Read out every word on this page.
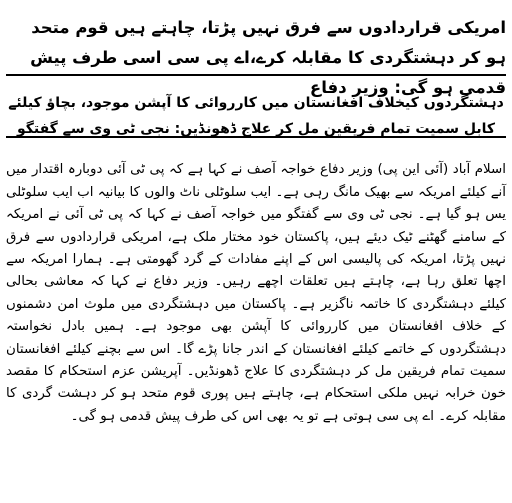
امریکی قراردادوں سے فرق نہیں پڑتا، چاہتے ہیں قوم متحد ہو کر دہشتگردی کا مقابلہ کرے،اے پی سی اسی طرف پیش قدمی ہو گی: وزیر دفاع
دہشتگردوں کیخلاف افغانستان میں کارروائی کا آپشن موجود، بچاؤ کیلئے کابل سمیت تمام فریقین مل کر علاج ڈھونڈیں: نجی ٹی وی سے گفتگو

اسلام آباد (آئی این پی) وزیر دفاع خواجہ آصف نے کہا ہے کہ پی ٹی آئی دوبارہ اقتدار میں آنے کیلئے امریکہ سے بھیک مانگ رہی ہے۔ ایب سلوٹلی ناٹ والوں کا بیانیہ اب ایب سلوٹلی یس ہو گیا ہے۔ نجی ٹی وی سے گفتگو میں خواجہ آصف نے کہا کہ پی ٹی آئی نے امریکہ کے سامنے گھٹنے ٹیک دیئے ہیں، پاکستان خود مختار ملک ہے، امریکی قراردادوں سے فرق نہیں پڑتا، امریکہ کی پالیسی اس کے اپنے مفادات کے گرد گھومتی ہے۔ ہمارا امریکہ سے اچھا تعلق رہا ہے، چاہتے ہیں تعلقات اچھے رہیں۔ وزیر دفاع نے کہا کہ معاشی بحالی کیلئے دہشتگردی کا خاتمہ ناگزیر ہے۔ پاکستان میں دہشتگردی میں ملوث امن دشمنوں کے خلاف افغانستان میں کارروائی کا آپشن بھی موجود ہے۔ ہمیں بادل نخواستہ دہشتگردوں کے خاتمے کیلئے افغانستان کے اندر جانا پڑے گا۔ اس سے بچنے کیلئے افغانستان سمیت تمام فریقین مل کر دہشتگردی کا علاج ڈھونڈیں۔ آپریشن عزم استحکام کا مقصد خون خرابہ نہیں ملکی استحکام ہے، چاہتے ہیں پوری قوم متحد ہو کر دہشت گردی کا مقابلہ کرے۔ اے پی سی ہوتی ہے تو یہ بھی اس کی طرف پیش قدمی ہو گی۔
